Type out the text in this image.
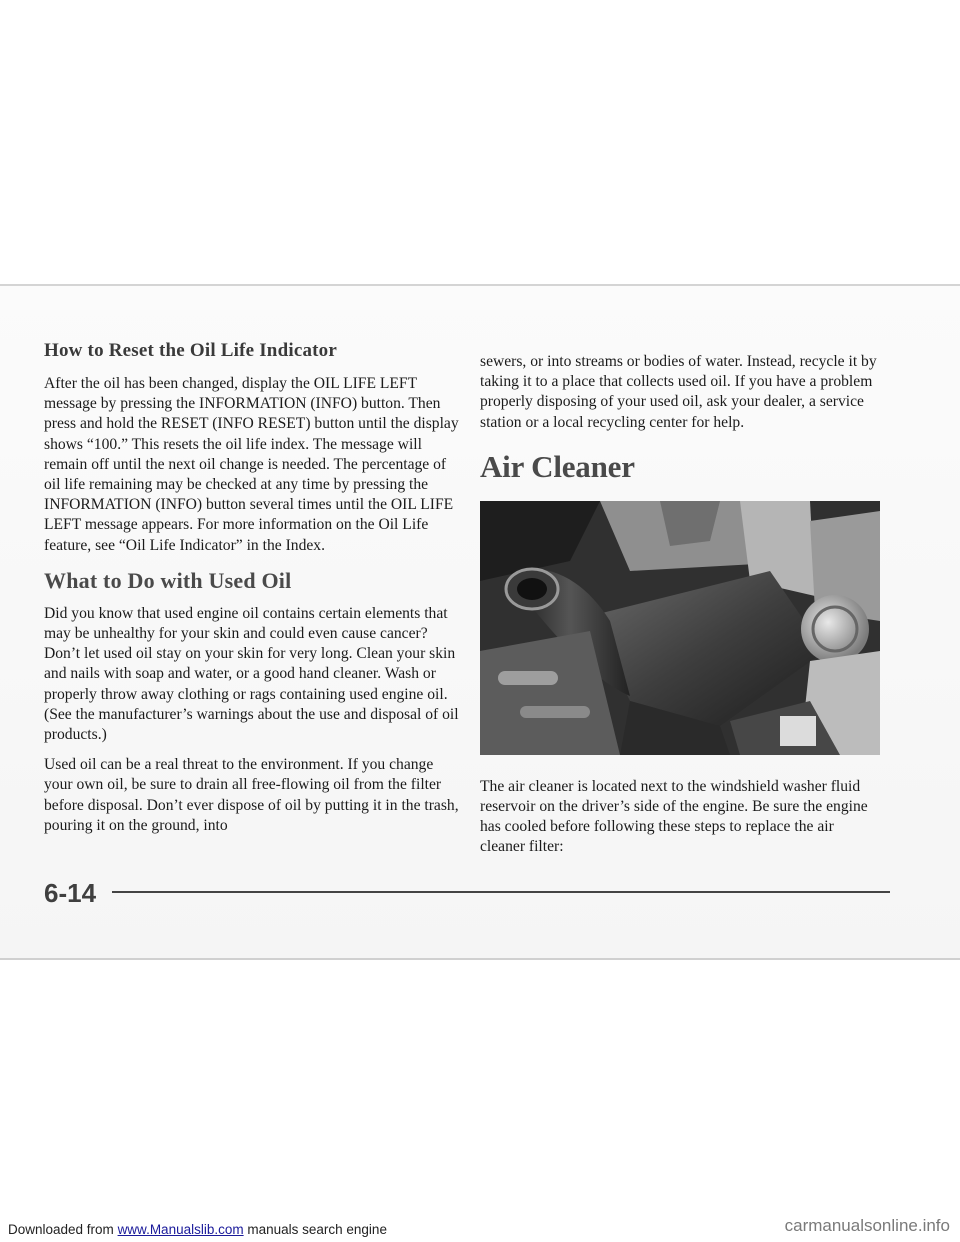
How to Reset the Oil Life Indicator

After the oil has been changed, display the OIL LIFE LEFT message by pressing the INFORMATION (INFO) button. Then press and hold the RESET (INFO RESET) button until the display shows “100.” This resets the oil life index. The message will remain off until the next oil change is needed. The percentage of oil life remaining may be checked at any time by pressing the INFORMATION (INFO) button several times until the OIL LIFE LEFT message appears. For more information on the Oil Life feature, see “Oil Life Indicator” in the Index.

What to Do with Used Oil

Did you know that used engine oil contains certain elements that may be unhealthy for your skin and could even cause cancer? Don’t let used oil stay on your skin for very long. Clean your skin and nails with soap and water, or a good hand cleaner. Wash or properly throw away clothing or rags containing used engine oil. (See the manufacturer’s warnings about the use and disposal of oil products.)

Used oil can be a real threat to the environment. If you change your own oil, be sure to drain all free-flowing oil from the filter before disposal. Don’t ever dispose of oil by putting it in the trash, pouring it on the ground, into

sewers, or into streams or bodies of water. Instead, recycle it by taking it to a place that collects used oil. If you have a problem properly disposing of your used oil, ask your dealer, a service station or a local recycling center for help.

Air Cleaner

The air cleaner is located next to the windshield washer fluid reservoir on the driver’s side of the engine. Be sure the engine has cooled before following these steps to replace the air cleaner filter:

6-14
Downloaded from www.Manualslib.com manuals search engine	carmanualsonline.info
